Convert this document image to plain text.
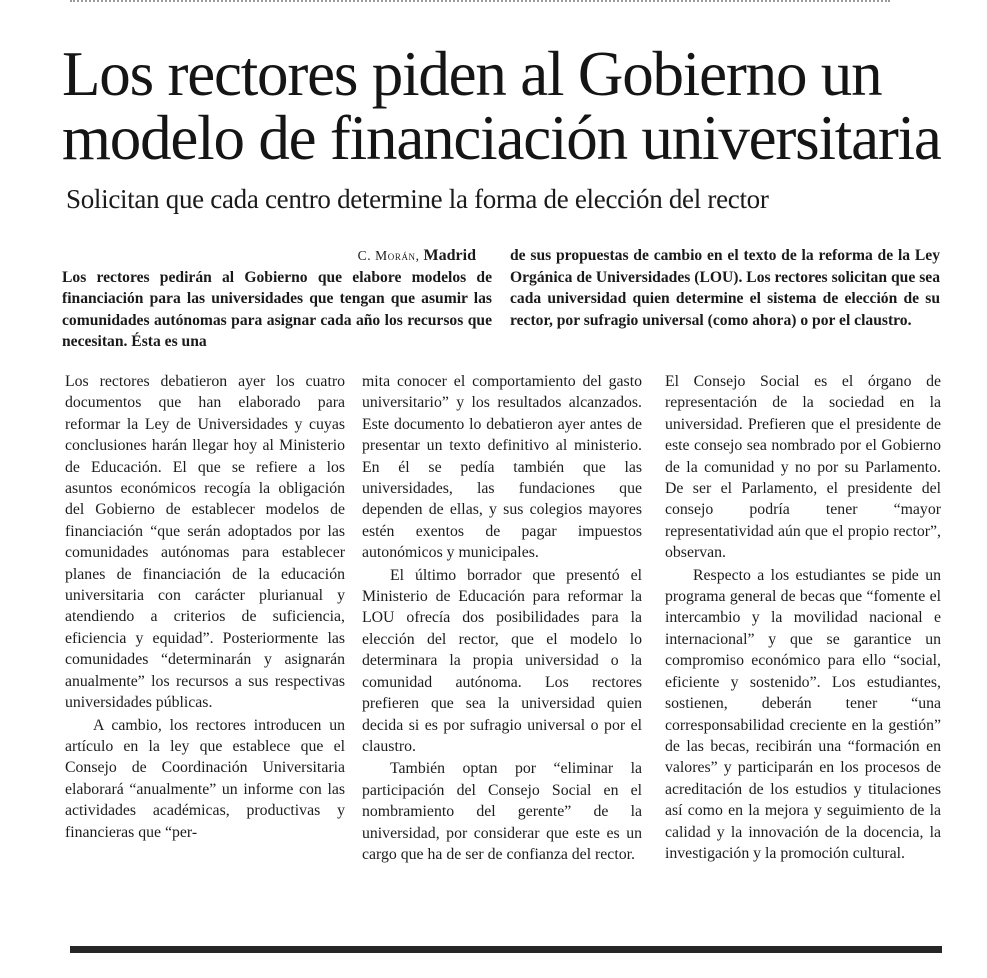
Los rectores piden al Gobierno un
modelo de financiación universitaria
Solicitan que cada centro determine la forma de elección del rector
C. Morán, Madrid

Los rectores pedirán al Gobierno que elabore modelos de financiación para las universidades que tengan que asumir las comunidades autónomas para asignar cada año los recursos que necesitan. Ésta es una

de sus propuestas de cambio en el texto de la reforma de la Ley Orgánica de Universidades (LOU). Los rectores solicitan que sea cada universidad quien determine el sistema de elección de su rector, por sufragio universal (como ahora) o por el claustro.

Los rectores debatieron ayer los cuatro documentos que han elaborado para reformar la Ley de Universidades y cuyas conclusiones harán llegar hoy al Ministerio de Educación. El que se refiere a los asuntos económicos recogía la obligación del Gobierno de establecer modelos de financiación “que serán adoptados por las comunidades autónomas para establecer planes de financiación de la educación universitaria con carácter plurianual y atendiendo a criterios de suficiencia, eficiencia y equidad”. Posteriormente las comunidades “determinarán y asignarán anualmente” los recursos a sus respectivas universidades públicas.

A cambio, los rectores introducen un artículo en la ley que establece que el Consejo de Coordinación Universitaria elaborará “anualmente” un informe con las actividades académicas, productivas y financieras que “per-

mita conocer el comportamiento del gasto universitario” y los resultados alcanzados. Este documento lo debatieron ayer antes de presentar un texto definitivo al ministerio. En él se pedía también que las universidades, las fundaciones que dependen de ellas, y sus colegios mayores estén exentos de pagar impuestos autonómicos y municipales.

El último borrador que presentó el Ministerio de Educación para reformar la LOU ofrecía dos posibilidades para la elección del rector, que el modelo lo determinara la propia universidad o la comunidad autónoma. Los rectores prefieren que sea la universidad quien decida si es por sufragio universal o por el claustro.

También optan por “eliminar la participación del Consejo Social en el nombramiento del gerente” de la universidad, por considerar que este es un cargo que ha de ser de confianza del rector.

El Consejo Social es el órgano de representación de la sociedad en la universidad. Prefieren que el presidente de este consejo sea nombrado por el Gobierno de la comunidad y no por su Parlamento. De ser el Parlamento, el presidente del consejo podría tener “mayor representatividad aún que el propio rector”, observan.

Respecto a los estudiantes se pide un programa general de becas que “fomente el intercambio y la movilidad nacional e internacional” y que se garantice un compromiso económico para ello “social, eficiente y sostenido”. Los estudiantes, sostienen, deberán tener “una corresponsabilidad creciente en la gestión” de las becas, recibirán una “formación en valores” y participarán en los procesos de acreditación de los estudios y titulaciones así como en la mejora y seguimiento de la calidad y la innovación de la docencia, la investigación y la promoción cultural.
